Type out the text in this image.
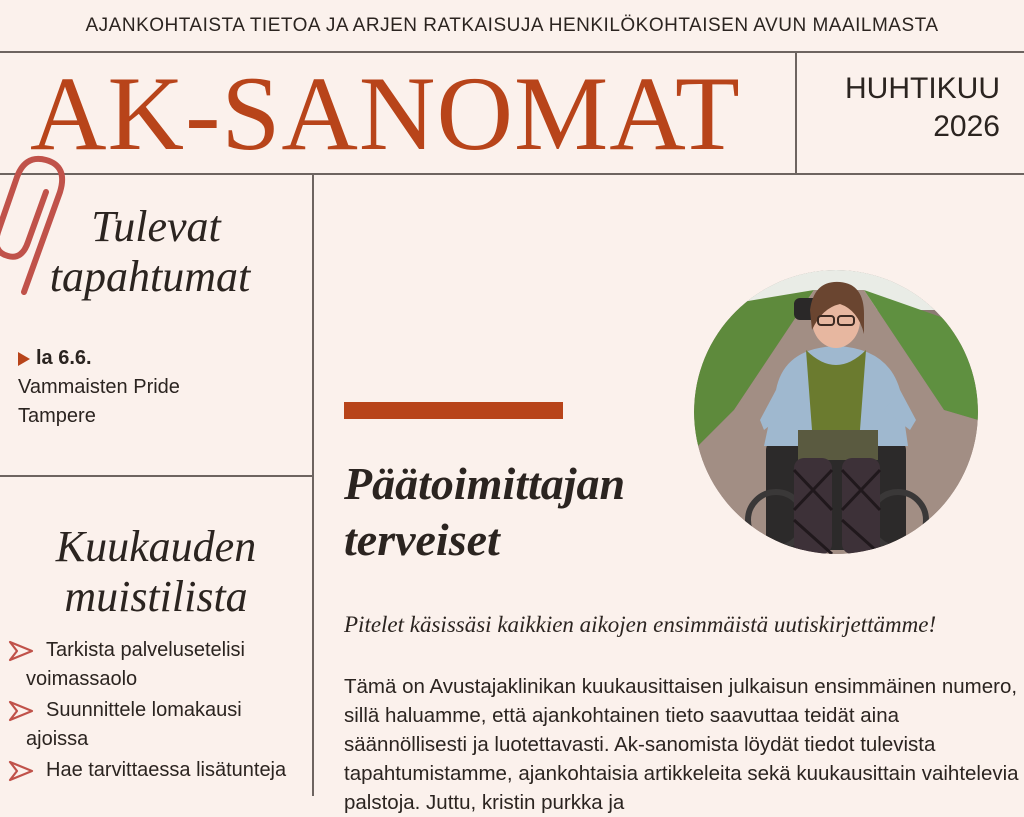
AJANKOHTAISTA TIETOA JA ARJEN RATKAISUJA HENKILÖKOHTAISEN AVUN MAAILMASTA
AK-SANOMAT	HUHTIKUU
2026
Tulevat
tapahtumat
la 6.6.
Vammaisten Pride
Tampere
Kuukauden
muistilista
Tarkista palvelusetelisi voimassaolo
Suunnittele lomakausi ajoissa
Hae tarvittaessa lisätunteja
Päätoimittajan
terveiset
Pitelet käsissäsi kaikkien aikojen ensimmäistä uutiskirjettämme!
Tämä on Avustajaklinikan kuukausittaisen julkaisun ensimmäinen numero, sillä haluamme, että ajankohtainen tieto saavuttaa teidät aina säännöllisesti ja luotettavasti. Ak-sanomista löydät tiedot tulevista tapahtumistamme, ajankohtaisia artikkeleita sekä kuukausittain vaihtelevia palstoja. Juttu, kristin purkka ja
